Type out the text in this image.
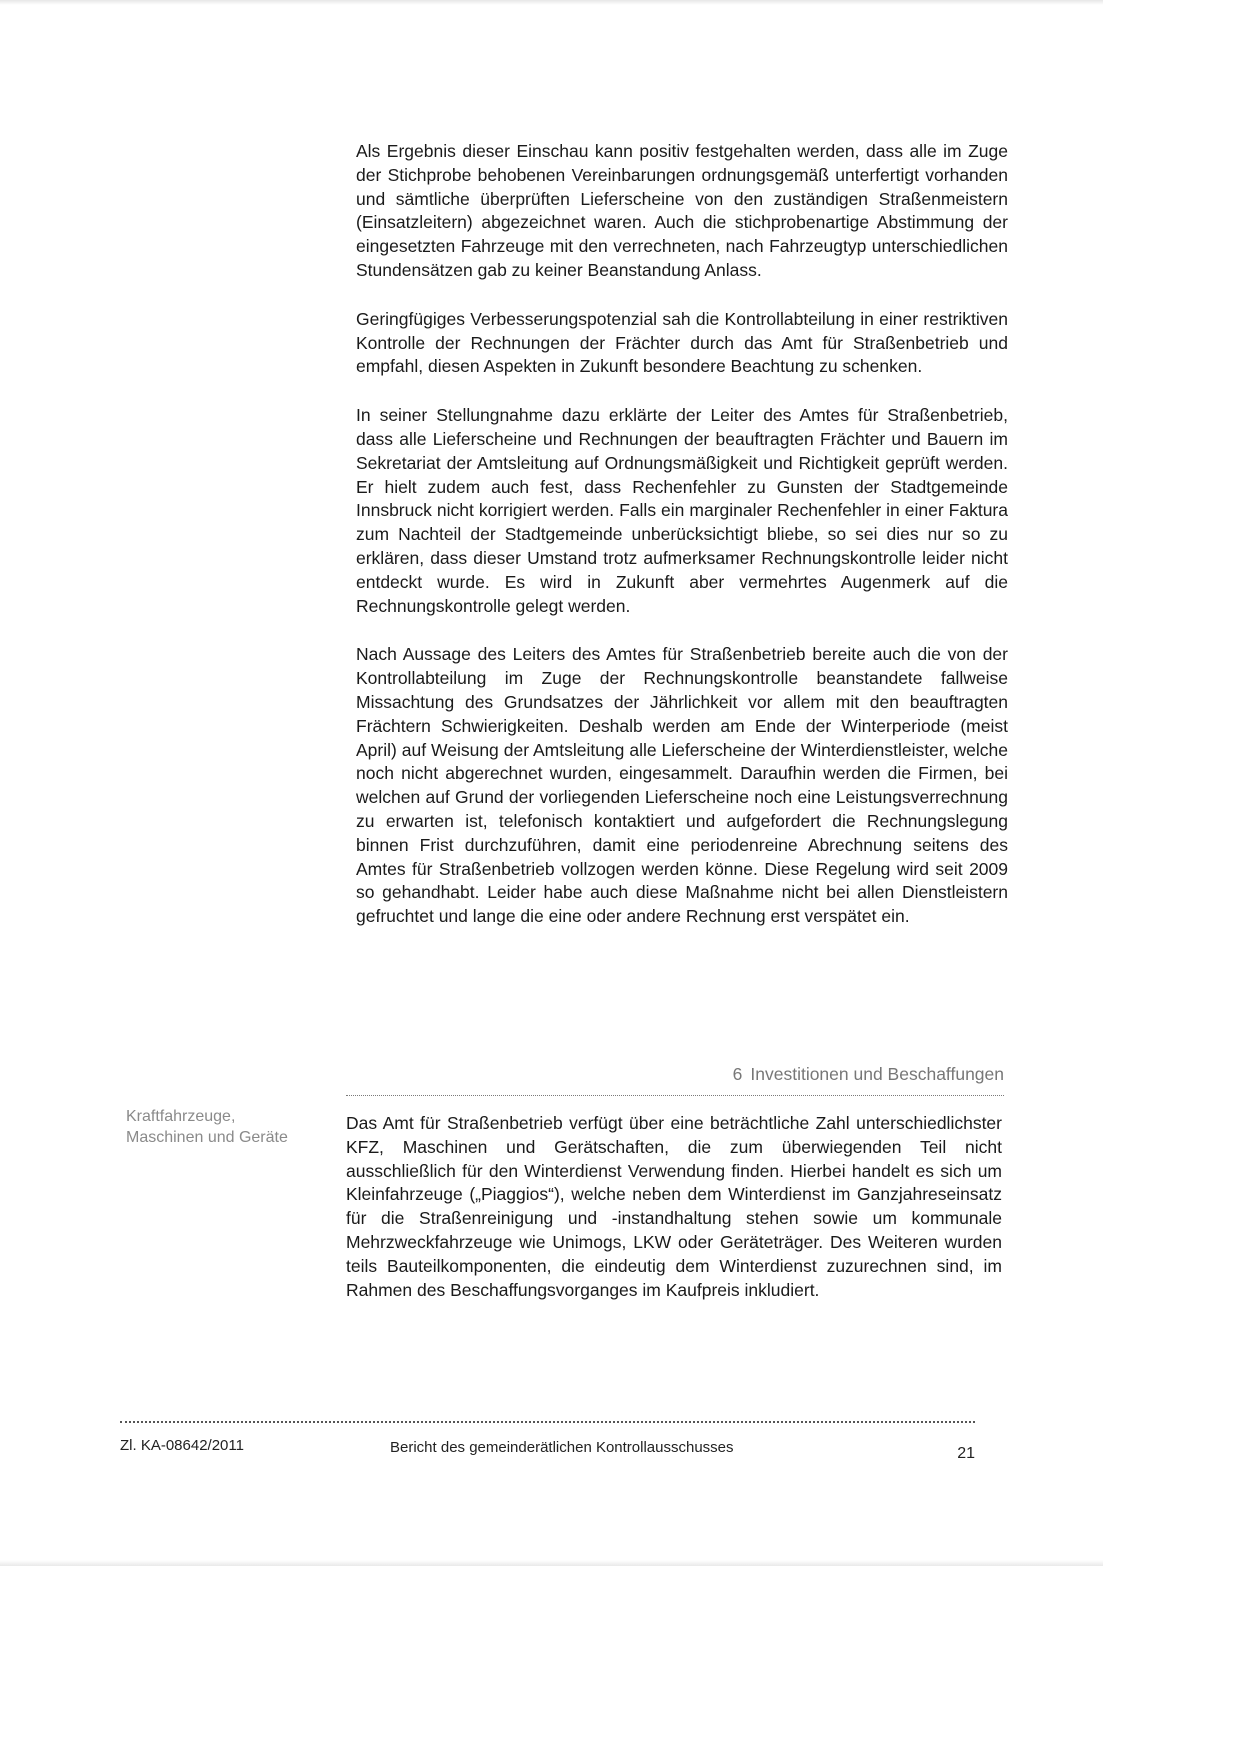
Als Ergebnis dieser Einschau kann positiv festgehalten werden, dass alle im Zuge der Stichprobe behobenen Vereinbarungen ordnungsgemäß unterfertigt vorhanden und sämtliche überprüften Lieferscheine von den zuständigen Straßenmeistern (Einsatzleitern) abgezeichnet waren. Auch die stichprobenartige Abstimmung der eingesetzten Fahrzeuge mit den verrechneten, nach Fahrzeugtyp unterschiedlichen Stundensätzen gab zu keiner Beanstandung Anlass.

Geringfügiges Verbesserungspotenzial sah die Kontrollabteilung in einer restriktiven Kontrolle der Rechnungen der Frächter durch das Amt für Straßenbetrieb und empfahl, diesen Aspekten in Zukunft besondere Beachtung zu schenken.

In seiner Stellungnahme dazu erklärte der Leiter des Amtes für Straßenbetrieb, dass alle Lieferscheine und Rechnungen der beauftragten Frächter und Bauern im Sekretariat der Amtsleitung auf Ordnungsmäßigkeit und Richtigkeit geprüft werden. Er hielt zudem auch fest, dass Rechenfehler zu Gunsten der Stadtgemeinde Innsbruck nicht korrigiert werden. Falls ein marginaler Rechenfehler in einer Faktura zum Nachteil der Stadtgemeinde unberücksichtigt bliebe, so sei dies nur so zu erklären, dass dieser Umstand trotz aufmerksamer Rechnungskontrolle leider nicht entdeckt wurde. Es wird in Zukunft aber vermehrtes Augenmerk auf die Rechnungskontrolle gelegt werden.

Nach Aussage des Leiters des Amtes für Straßenbetrieb bereite auch die von der Kontrollabteilung im Zuge der Rechnungskontrolle beanstandete fallweise Missachtung des Grundsatzes der Jährlichkeit vor allem mit den beauftragten Frächtern Schwierigkeiten. Deshalb werden am Ende der Winterperiode (meist April) auf Weisung der Amtsleitung alle Lieferscheine der Winterdienstleister, welche noch nicht abgerechnet wurden, eingesammelt. Daraufhin werden die Firmen, bei welchen auf Grund der vorliegenden Lieferscheine noch eine Leistungsverrechnung zu erwarten ist, telefonisch kontaktiert und aufgefordert die Rechnungslegung binnen Frist durchzuführen, damit eine periodenreine Abrechnung seitens des Amtes für Straßenbetrieb vollzogen werden könne. Diese Regelung wird seit 2009 so gehandhabt. Leider habe auch diese Maßnahme nicht bei allen Dienstleistern gefruchtet und lange die eine oder andere Rechnung erst verspätet ein.

6 Investitionen und Beschaffungen
Kraftfahrzeuge,
Maschinen und Geräte

Das Amt für Straßenbetrieb verfügt über eine beträchtliche Zahl unterschiedlichster KFZ, Maschinen und Gerätschaften, die zum überwiegenden Teil nicht ausschließlich für den Winterdienst Verwendung finden. Hierbei handelt es sich um Kleinfahrzeuge („Piaggios“), welche neben dem Winterdienst im Ganzjahreseinsatz für die Straßenreinigung und -instandhaltung stehen sowie um kommunale Mehrzweckfahrzeuge wie Unimogs, LKW oder Geräteträger. Des Weiteren wurden teils Bauteilkomponenten, die eindeutig dem Winterdienst zuzurechnen sind, im Rahmen des Beschaffungsvorganges im Kaufpreis inkludiert.

Zl. KA-08642/2011	Bericht des gemeinderätlichen Kontrollausschusses	21
